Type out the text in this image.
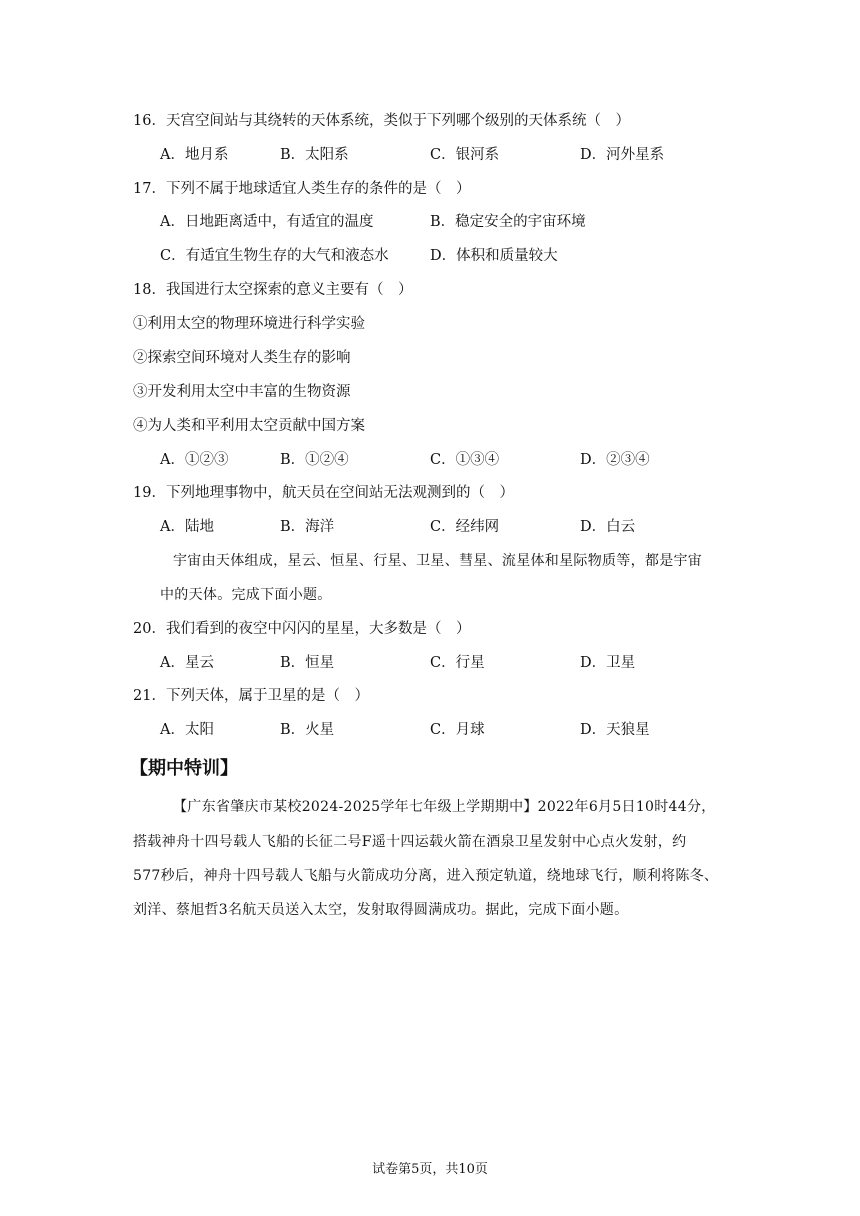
16．天宫空间站与其绕转的天体系统，类似于下列哪个级别的天体系统（　）
A．地月系	B．太阳系	C．银河系	D．河外星系
17．下列不属于地球适宜人类生存的条件的是（　）
A．日地距离适中，有适宜的温度	B．稳定安全的宇宙环境
C．有适宜生物生存的大气和液态水	D．体积和质量较大
18．我国进行太空探索的意义主要有（　）
①利用太空的物理环境进行科学实验
②探索空间环境对人类生存的影响
③开发利用太空中丰富的生物资源
④为人类和平利用太空贡献中国方案
A．①②③	B．①②④	C．①③④	D．②③④
19．下列地理事物中，航天员在空间站无法观测到的（　）
A．陆地	B．海洋	C．经纬网	D．白云
宇宙由天体组成，星云、恒星、行星、卫星、彗星、流星体和星际物质等，都是宇宙
中的天体。完成下面小题。
20．我们看到的夜空中闪闪的星星，大多数是（　）
A．星云	B．恒星	C．行星	D．卫星
21．下列天体，属于卫星的是（　）
A．太阳	B．火星	C．月球	D．天狼星
【期中特训】
【广东省肇庆市某校2024-2025学年七年级上学期期中】2022年6月5日10时44分，
搭载神舟十四号载人飞船的长征二号F遥十四运载火箭在酒泉卫星发射中心点火发射，约
577秒后，神舟十四号载人飞船与火箭成功分离，进入预定轨道，绕地球飞行，顺利将陈冬、
刘洋、蔡旭哲3名航天员送入太空，发射取得圆满成功。据此，完成下面小题。
试卷第5页，共10页
